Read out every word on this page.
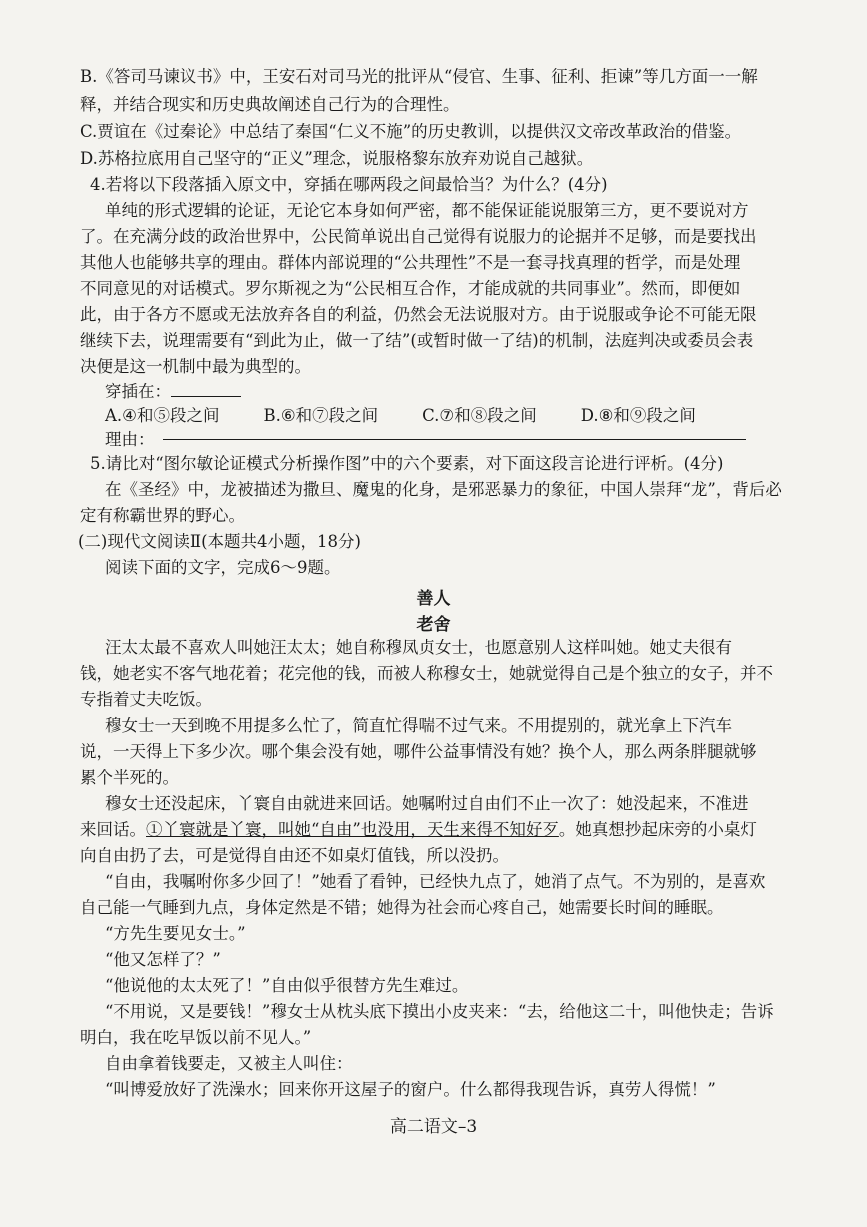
B.《答司马谏议书》中，王安石对司马光的批评从“侵官、生事、征利、拒谏”等几方面一一解
释，并结合现实和历史典故阐述自己行为的合理性。
C.贾谊在《过秦论》中总结了秦国“仁义不施”的历史教训，以提供汉文帝改革政治的借鉴。
D.苏格拉底用自己坚守的“正义”理念，说服格黎东放弃劝说自己越狱。
4.若将以下段落插入原文中，穿插在哪两段之间最恰当？为什么？(4分)
单纯的形式逻辑的论证，无论它本身如何严密，都不能保证能说服第三方，更不要说对方
了。在充满分歧的政治世界中，公民简单说出自己觉得有说服力的论据并不足够，而是要找出
其他人也能够共享的理由。群体内部说理的“公共理性”不是一套寻找真理的哲学，而是处理
不同意见的对话模式。罗尔斯视之为“公民相互合作，才能成就的共同事业”。然而，即便如
此，由于各方不愿或无法放弃各自的利益，仍然会无法说服对方。由于说服或争论不可能无限
继续下去，说理需要有“到此为止，做一了结”(或暂时做一了结)的机制，法庭判决或委员会表
决便是这一机制中最为典型的。
穿插在：
A.④和⑤段之间	B.⑥和⑦段之间	C.⑦和⑧段之间	D.⑧和⑨段之间
理由：
5.请比对“图尔敏论证模式分析操作图”中的六个要素，对下面这段言论进行评析。(4分)
在《圣经》中，龙被描述为撒旦、魔鬼的化身，是邪恶暴力的象征，中国人崇拜“龙”，背后必
定有称霸世界的野心。
(二)现代文阅读Ⅱ(本题共4小题，18分)
阅读下面的文字，完成6～9题。
善人
老舍
汪太太最不喜欢人叫她汪太太；她自称穆凤贞女士，也愿意别人这样叫她。她丈夫很有
钱，她老实不客气地花着；花完他的钱，而被人称穆女士，她就觉得自己是个独立的女子，并不
专指着丈夫吃饭。
穆女士一天到晚不用提多么忙了，简直忙得喘不过气来。不用提别的，就光拿上下汽车
说，一天得上下多少次。哪个集会没有她，哪件公益事情没有她？换个人，那么两条胖腿就够
累个半死的。
穆女士还没起床，丫寰自由就进来回话。她嘱咐过自由们不止一次了：她没起来，不准进
来回话。①丫寰就是丫寰，叫她“自由”也没用，天生来得不知好歹。她真想抄起床旁的小桌灯
向自由扔了去，可是觉得自由还不如桌灯值钱，所以没扔。
“自由，我嘱咐你多少回了！”她看了看钟，已经快九点了，她消了点气。不为别的，是喜欢
自己能一气睡到九点，身体定然是不错；她得为社会而心疼自己，她需要长时间的睡眠。
“方先生要见女士。”
“他又怎样了？”
“他说他的太太死了！”自由似乎很替方先生难过。
“不用说，又是要钱！”穆女士从枕头底下摸出小皮夹来：“去，给他这二十，叫他快走；告诉
明白，我在吃早饭以前不见人。”
自由拿着钱要走，又被主人叫住：
“叫博爱放好了洗澡水；回来你开这屋子的窗户。什么都得我现告诉，真劳人得慌！”
高二语文–3
